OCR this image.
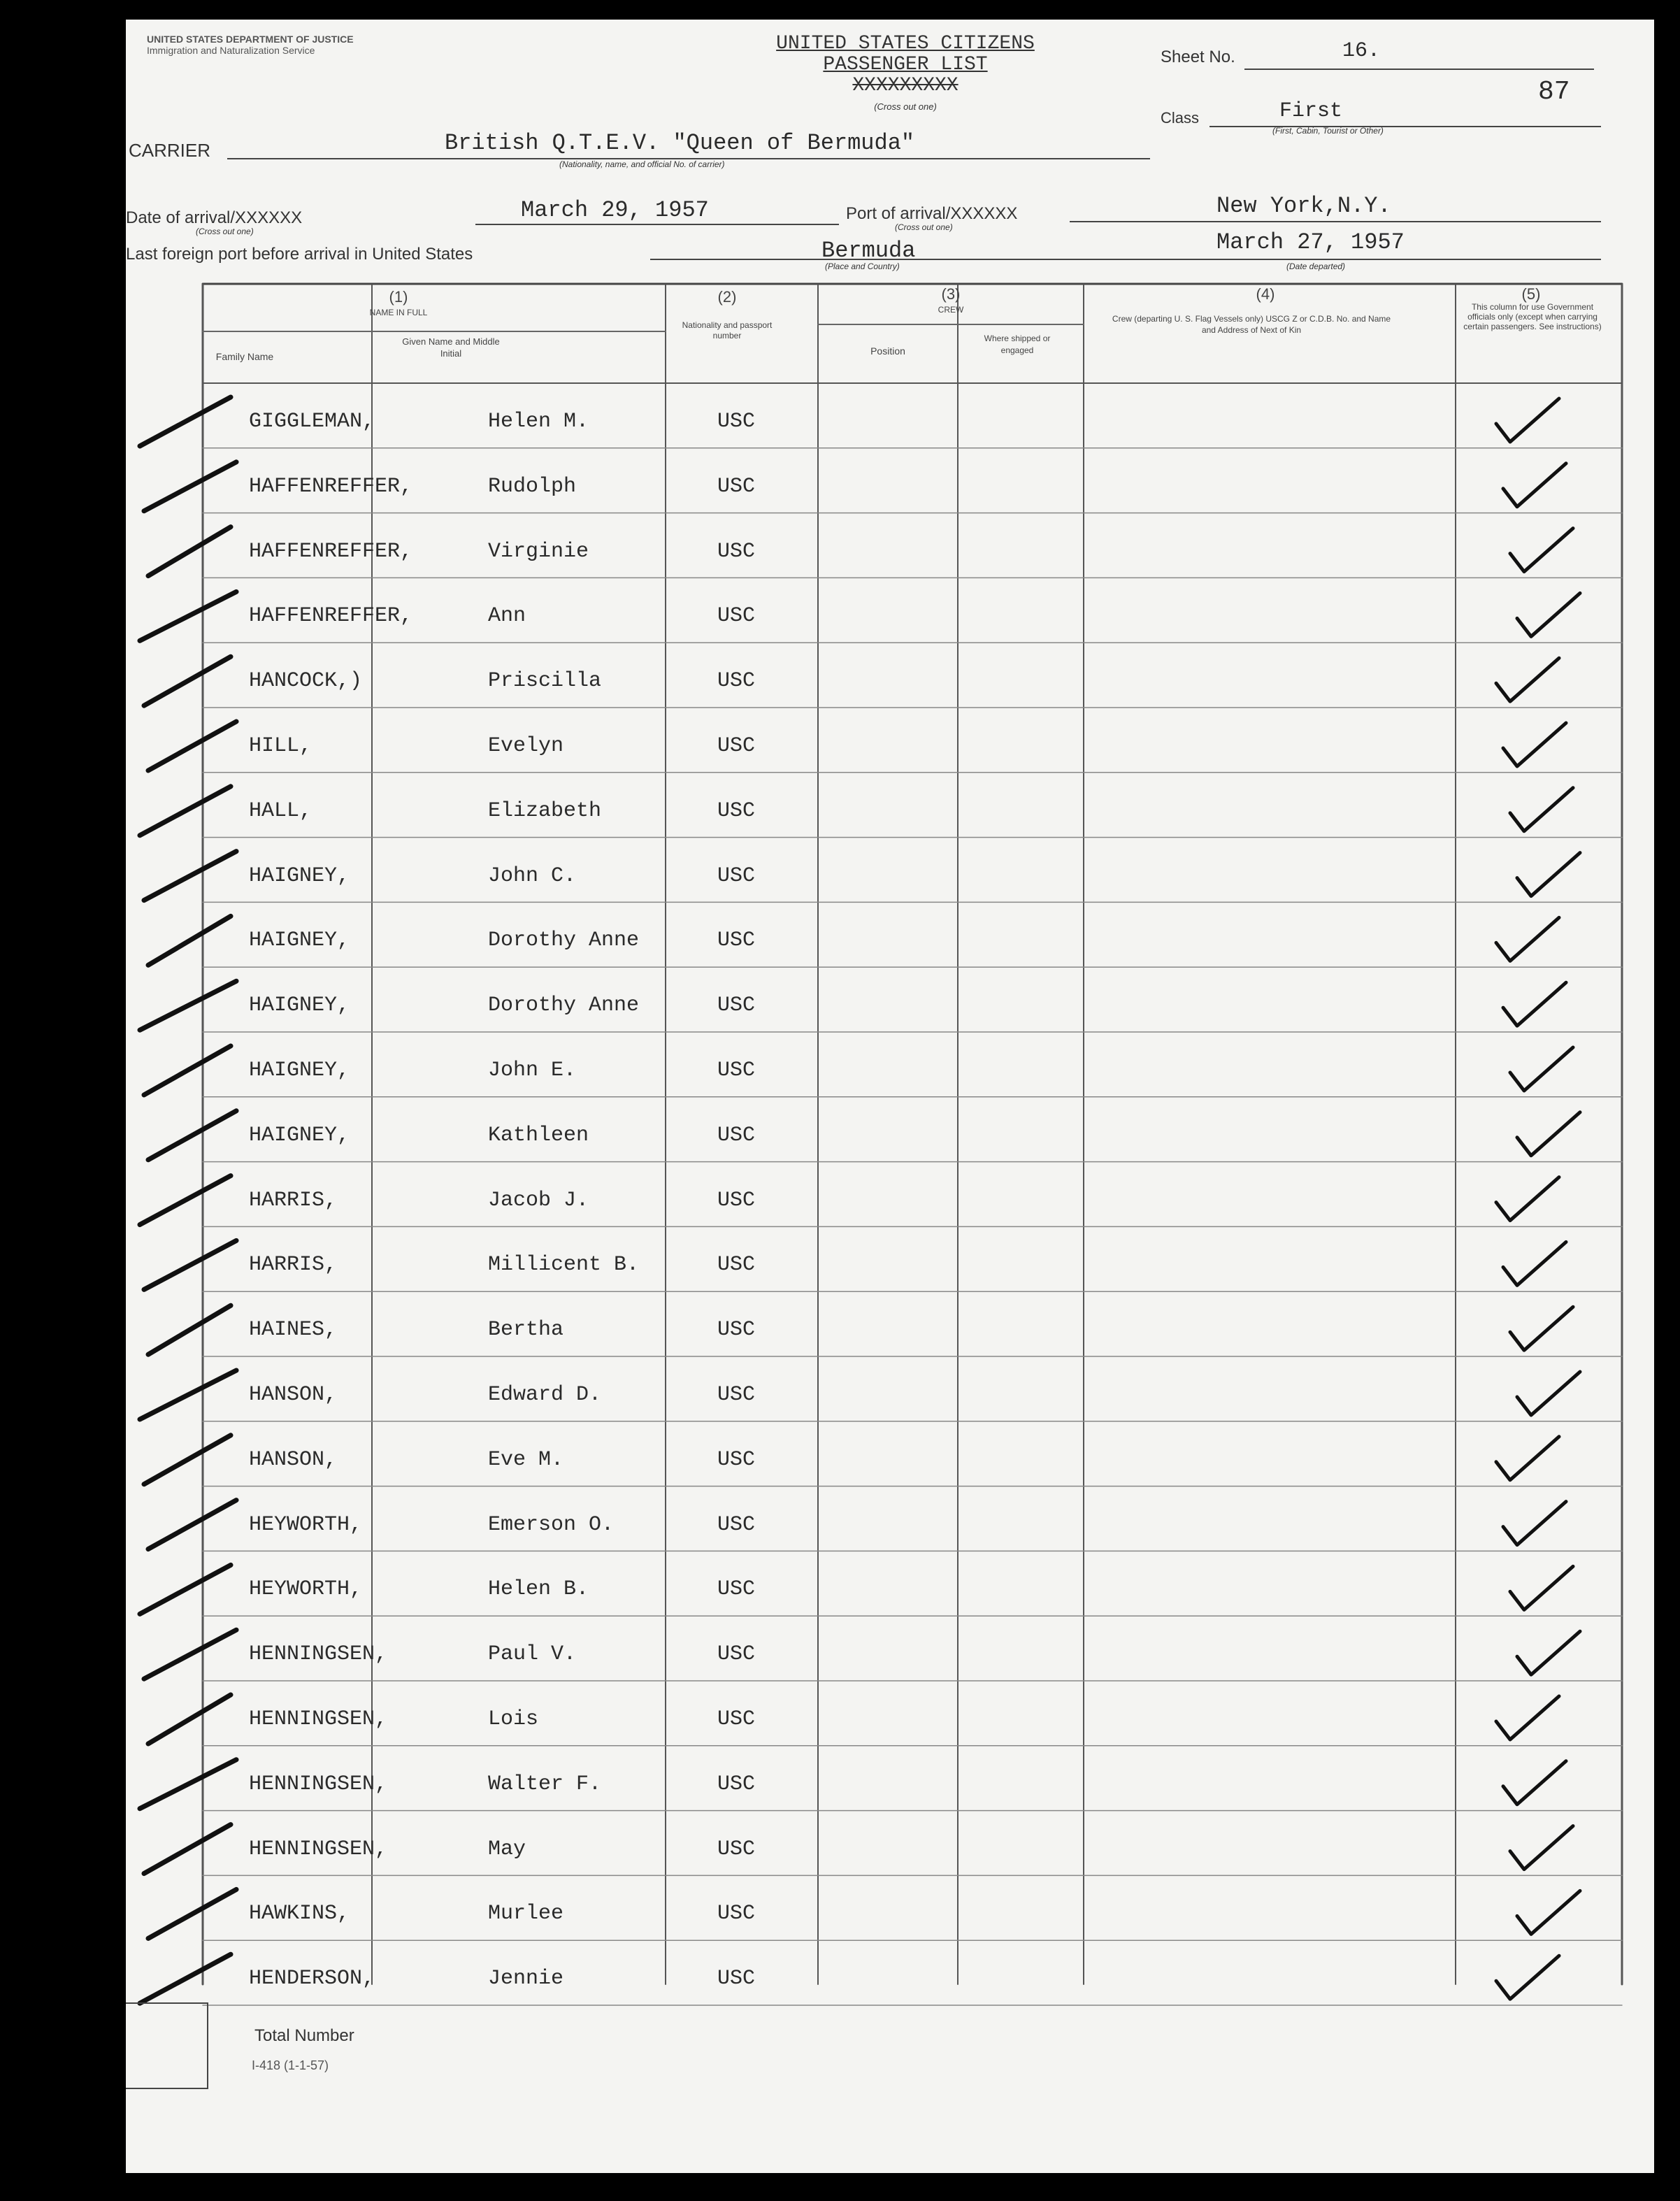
UNITED STATES DEPARTMENT OF JUSTICE
Immigration and Naturalization Service	UNITED STATES CITIZENS
PASSENGER LIST
XXXXXXXXX
(Cross out one)
Sheet No.	16.
87
Class	First
(First, Cabin, Tourist or Other)
CARRIER	British Q.T.E.V. "Queen of Bermuda"
(Nationality, name, and official No. of carrier)
Date of arrival/XXXXXX
(Cross out one)
March 29, 1957	Port of arrival/XXXXXX
(Cross out one)
New York,N.Y.
Last foreign port before arrival in United States	Bermuda
(Place and Country)
March 27, 1957
(Date departed)
(1)
NAME IN FULL
Family Name
Given Name and Middle Initial
(2)
Nationality and passport number
(3)
CREW
Position
Where shipped or engaged
(4)
Crew (departing U. S. Flag Vessels only) USCG Z or C.D.B. No. and Name and Address of Next of Kin
(5)
This column for use Government officials only (except when carrying certain passengers. See instructions)
GIGGLEMAN,	Helen M.	USC
HAFFENREFFER,	Rudolph	USC
HAFFENREFFER,	Virginie	USC
HAFFENREFFER,	Ann	USC
HANCOCK,)	Priscilla	USC
HILL,	Evelyn	USC
HALL,	Elizabeth	USC
HAIGNEY,	John C.	USC
HAIGNEY,	Dorothy Anne	USC
HAIGNEY,	Dorothy Anne	USC
HAIGNEY,	John E.	USC
HAIGNEY,	Kathleen	USC
HARRIS,	Jacob J.	USC
HARRIS,	Millicent B.	USC
HAINES,	Bertha	USC
HANSON,	Edward D.	USC
HANSON,	Eve M.	USC
HEYWORTH,	Emerson O.	USC
HEYWORTH,	Helen B.	USC
HENNINGSEN,	Paul V.	USC
HENNINGSEN,	Lois	USC
HENNINGSEN,	Walter F.	USC
HENNINGSEN,	May	USC
HAWKINS,	Murlee	USC
HENDERSON,	Jennie	USC
Total Number
I-418 (1-1-57)
